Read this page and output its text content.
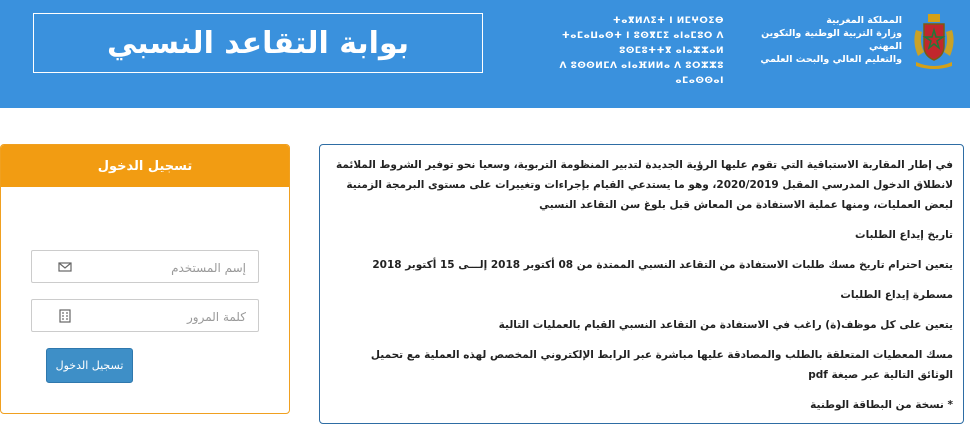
بوابة التقاعد النسبي
ⵜⴰⴳⵍⴷⵉⵜ ⵏ ⵍⵎⵖⵔⵉⴱ
ⵜⴰⵎⴰⵡⴰⵙⵜ ⵏ ⵓⵙⴳⵎⵉ ⴰⵏⴰⵎⵓⵔ ⴷ ⵓⵙⵎⵓⵜⵜⴳ ⴰⵏⴰⵣⵣⴰⵍ
ⴷ ⵓⵙⵙⵍⵎⴷ ⴰⵏⴰⴼⵍⵍⴰ ⴷ ⵓⵔⵣⵣⵓ ⴰⵎⴰⵙⵙⴰⵏ
المملكة المغربية
وزارة التربية الوطنية والتكوين المهني
والتعليم العالي والبحث العلمي
تسجيل الدخول
إسم المستخدم
تسجيل الدخول

في إطار المقاربة الاستباقية التي تقوم عليها الرؤية الجديدة لتدبير المنظومة التربوية، وسعيا نحو توفير الشروط الملائمة لانطلاق الدخول المدرسي المقبل 2020/2019، وهو ما يستدعي القيام بإجراءات وتغييرات على مستوى البرمجة الزمنية لبعض العمليات، ومنها عملية الاستفادة من المعاش قبل بلوغ سن التقاعد النسبي

تاريخ إيداع الطلبات

يتعين احترام تاريخ مسك طلبات الاستفادة من التقاعد النسبي الممتدة من 08 أكتوبر 2018 إلـــى 15 أكتوبر 2018

مسطرة إيداع الطلبات

يتعين على كل موظف(ة) راغب في الاستفادة من التقاعد النسبي القيام بالعمليات التالية

مسك المعطيات المتعلقة بالطلب والمصادقة عليها مباشرة عبر الرابط الإلكتروني المخصص لهذه العملية مع تحميل الوثائق التالية عبر صيغة pdf

* نسخة من البطاقة الوطنية
